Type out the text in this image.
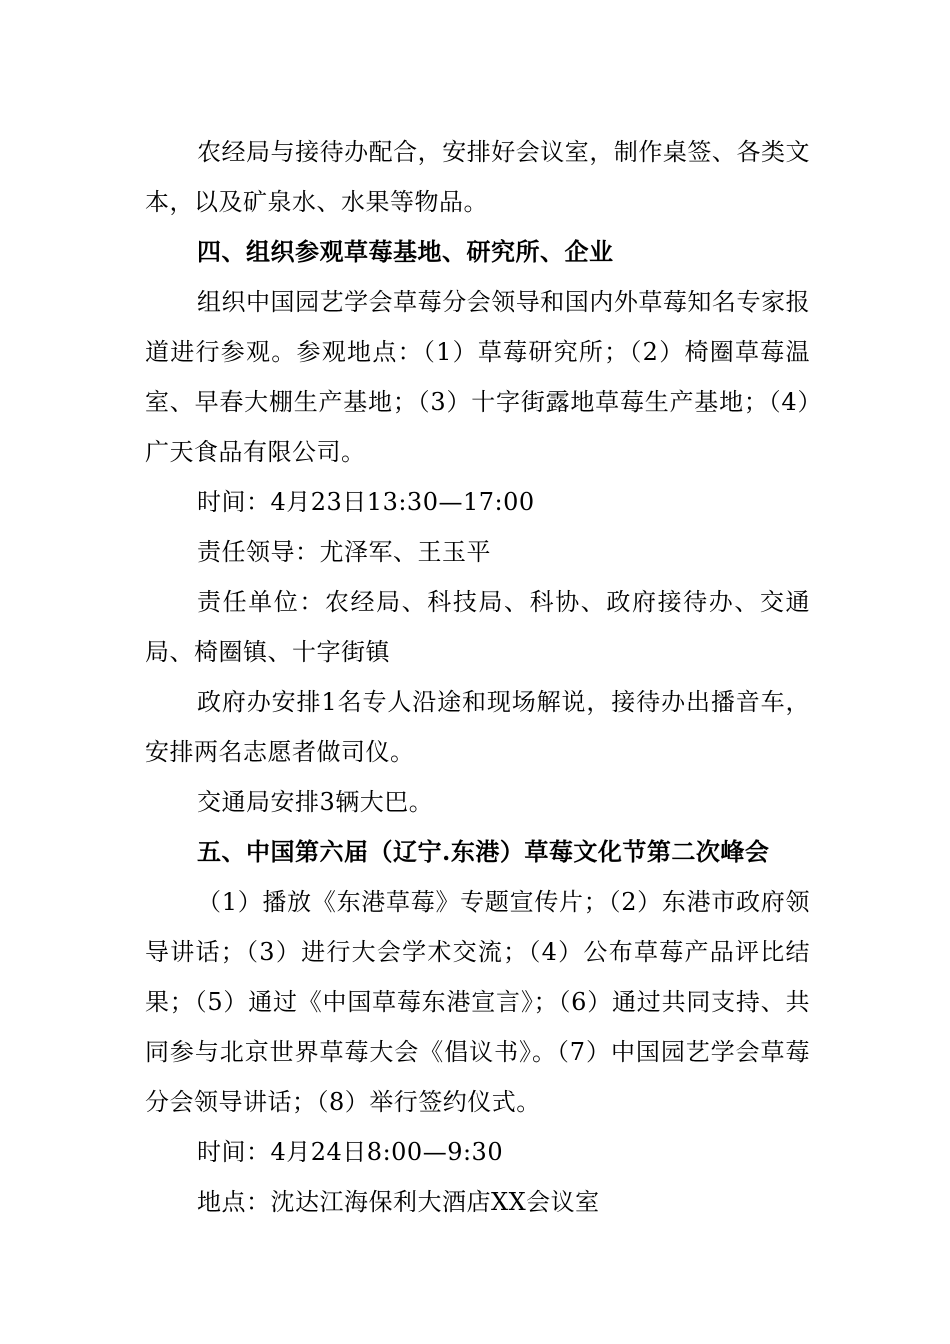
农经局与接待办配合，安排好会议室，制作桌签、各类文本，以及矿泉水、水果等物品。

四、组织参观草莓基地、研究所、企业

组织中国园艺学会草莓分会领导和国内外草莓知名专家报道进行参观。参观地点：（1）草莓研究所；（2）椅圈草莓温室、早春大棚生产基地；（3）十字街露地草莓生产基地；（4）广天食品有限公司。

时间：4月23日13:30—17:00

责任领导：尤泽军、王玉平

责任单位：农经局、科技局、科协、政府接待办、交通局、椅圈镇、十字街镇

政府办安排1名专人沿途和现场解说，接待办出播音车，安排两名志愿者做司仪。

交通局安排3辆大巴。

五、中国第六届（辽宁.东港）草莓文化节第二次峰会

（1）播放《东港草莓》专题宣传片；（2）东港市政府领导讲话；（3）进行大会学术交流；（4）公布草莓产品评比结果；（5）通过《中国草莓东港宣言》；（6）通过共同支持、共同参与北京世界草莓大会《倡议书》。（7）中国园艺学会草莓分会领导讲话；（8）举行签约仪式。

时间：4月24日8:00—9:30

地点：沈达江海保利大酒店XX会议室
